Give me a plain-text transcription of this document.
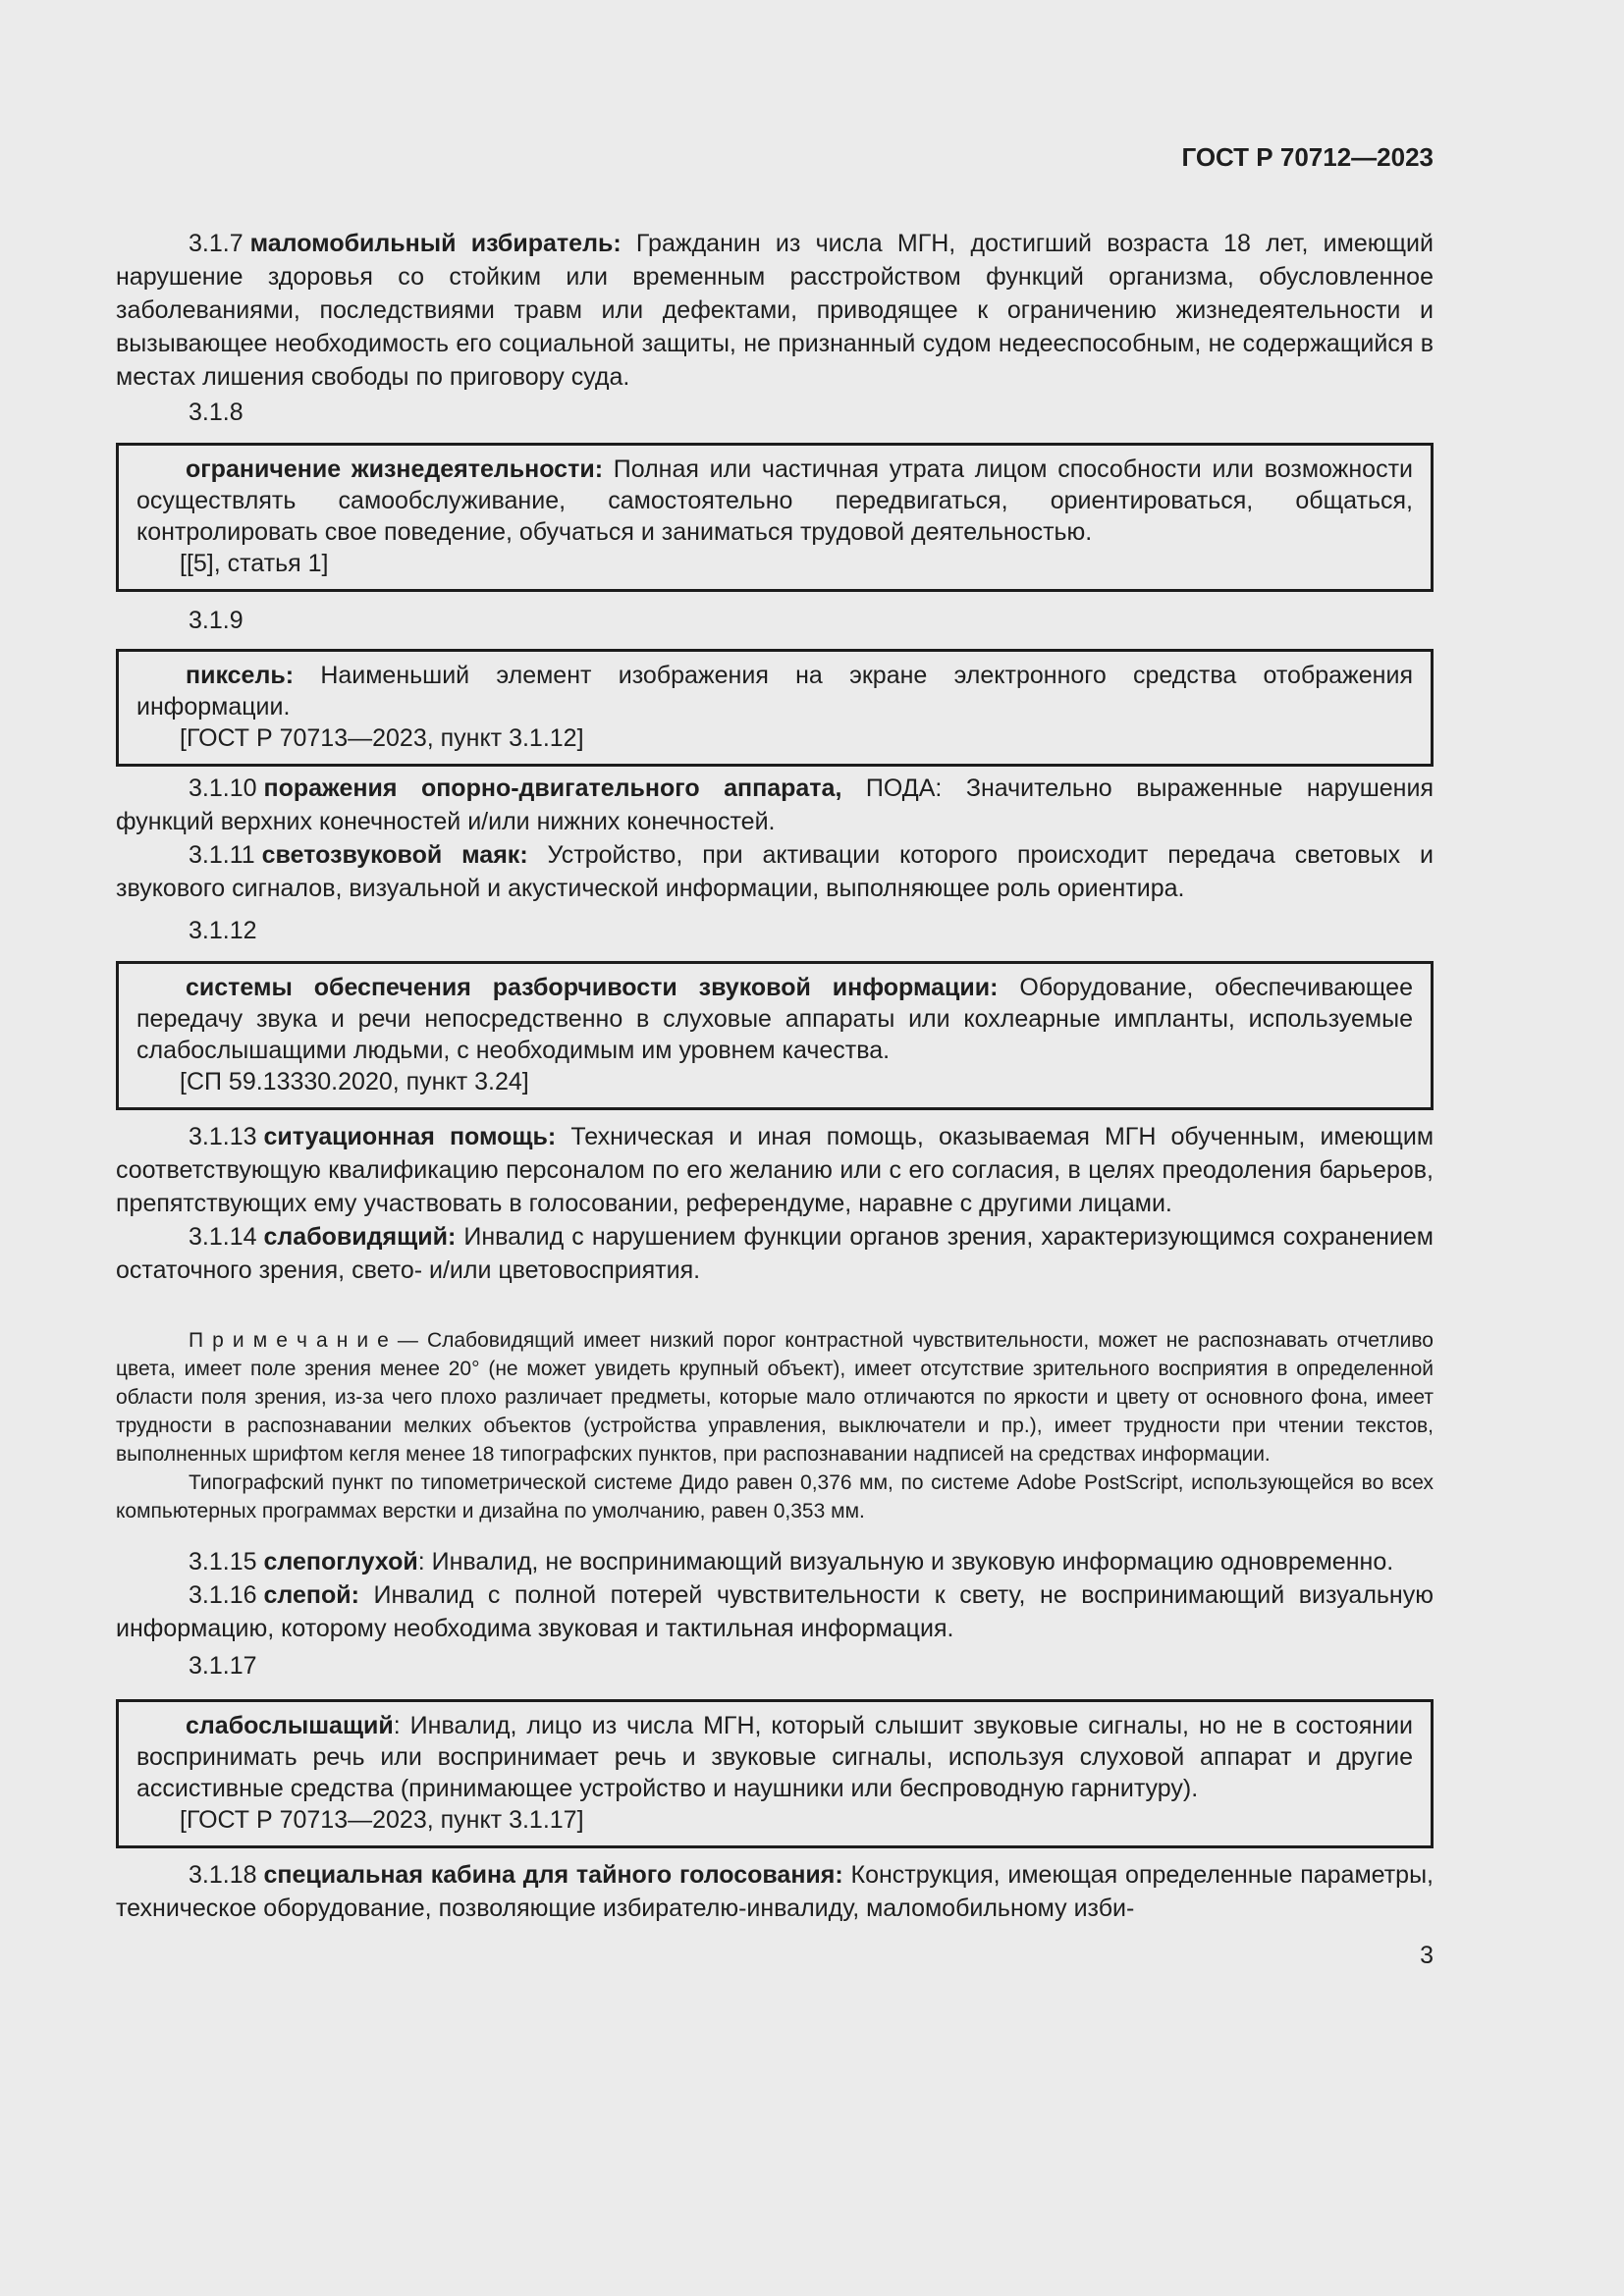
ГОСТ Р 70712—2023

3.1.7 маломобильный избиратель: Гражданин из числа МГН, достигший возраста 18 лет, имеющий нарушение здоровья со стойким или временным расстройством функций организма, обусловленное заболеваниями, последствиями травм или дефектами, приводящее к ограничению жизнедеятельности и вызывающее необходимость его социальной защиты, не признанный судом недееспособным, не содержащийся в местах лишения свободы по приговору суда.

3.1.8

ограничение жизнедеятельности: Полная или частичная утрата лицом способности или возможности осуществлять самообслуживание, самостоятельно передвигаться, ориентироваться, общаться, контролировать свое поведение, обучаться и заниматься трудовой деятельностью.

[[5], статья 1]

3.1.9

пиксель: Наименьший элемент изображения на экране электронного средства отображения информации.

[ГОСТ Р 70713—2023, пункт 3.1.12]

3.1.10 поражения опорно-двигательного аппарата, ПОДА: Значительно выраженные нарушения функций верхних конечностей и/или нижних конечностей.

3.1.11 светозвуковой маяк: Устройство, при активации которого происходит передача световых и звукового сигналов, визуальной и акустической информации, выполняющее роль ориентира.

3.1.12

системы обеспечения разборчивости звуковой информации: Оборудование, обеспечивающее передачу звука и речи непосредственно в слуховые аппараты или кохлеарные импланты, используемые слабослышащими людьми, с необходимым им уровнем качества.

[СП 59.13330.2020, пункт 3.24]

3.1.13 ситуационная помощь: Техническая и иная помощь, оказываемая МГН обученным, имеющим соответствующую квалификацию персоналом по его желанию или с его согласия, в целях преодоления барьеров, препятствующих ему участвовать в голосовании, референдуме, наравне с другими лицами.

3.1.14 слабовидящий: Инвалид с нарушением функции органов зрения, характеризующимся сохранением остаточного зрения, свето- и/или цветовосприятия.

П р и м е ч а н и е — Слабовидящий имеет низкий порог контрастной чувствительности, может не распознавать отчетливо цвета, имеет поле зрения менее 20° (не может увидеть крупный объект), имеет отсутствие зрительного восприятия в определенной области поля зрения, из-за чего плохо различает предметы, которые мало отличаются по яркости и цвету от основного фона, имеет трудности в распознавании мелких объектов (устройства управления, выключатели и пр.), имеет трудности при чтении текстов, выполненных шрифтом кегля менее 18 типографских пунктов, при распознавании надписей на средствах информации.

Типографский пункт по типометрической системе Дидо равен 0,376 мм, по системе Adobe PostScript, использующейся во всех компьютерных программах верстки и дизайна по умолчанию, равен 0,353 мм.

3.1.15 слепоглухой: Инвалид, не воспринимающий визуальную и звуковую информацию одновременно.

3.1.16 слепой: Инвалид с полной потерей чувствительности к свету, не воспринимающий визуальную информацию, которому необходима звуковая и тактильная информация.

3.1.17

слабослышащий: Инвалид, лицо из числа МГН, который слышит звуковые сигналы, но не в состоянии воспринимать речь или воспринимает речь и звуковые сигналы, используя слуховой аппарат и другие ассистивные средства (принимающее устройство и наушники или беспроводную гарнитуру).

[ГОСТ Р 70713—2023, пункт 3.1.17]

3.1.18 специальная кабина для тайного голосования: Конструкция, имеющая определенные параметры, техническое оборудование, позволяющие избирателю-инвалиду, маломобильному изби-

3
